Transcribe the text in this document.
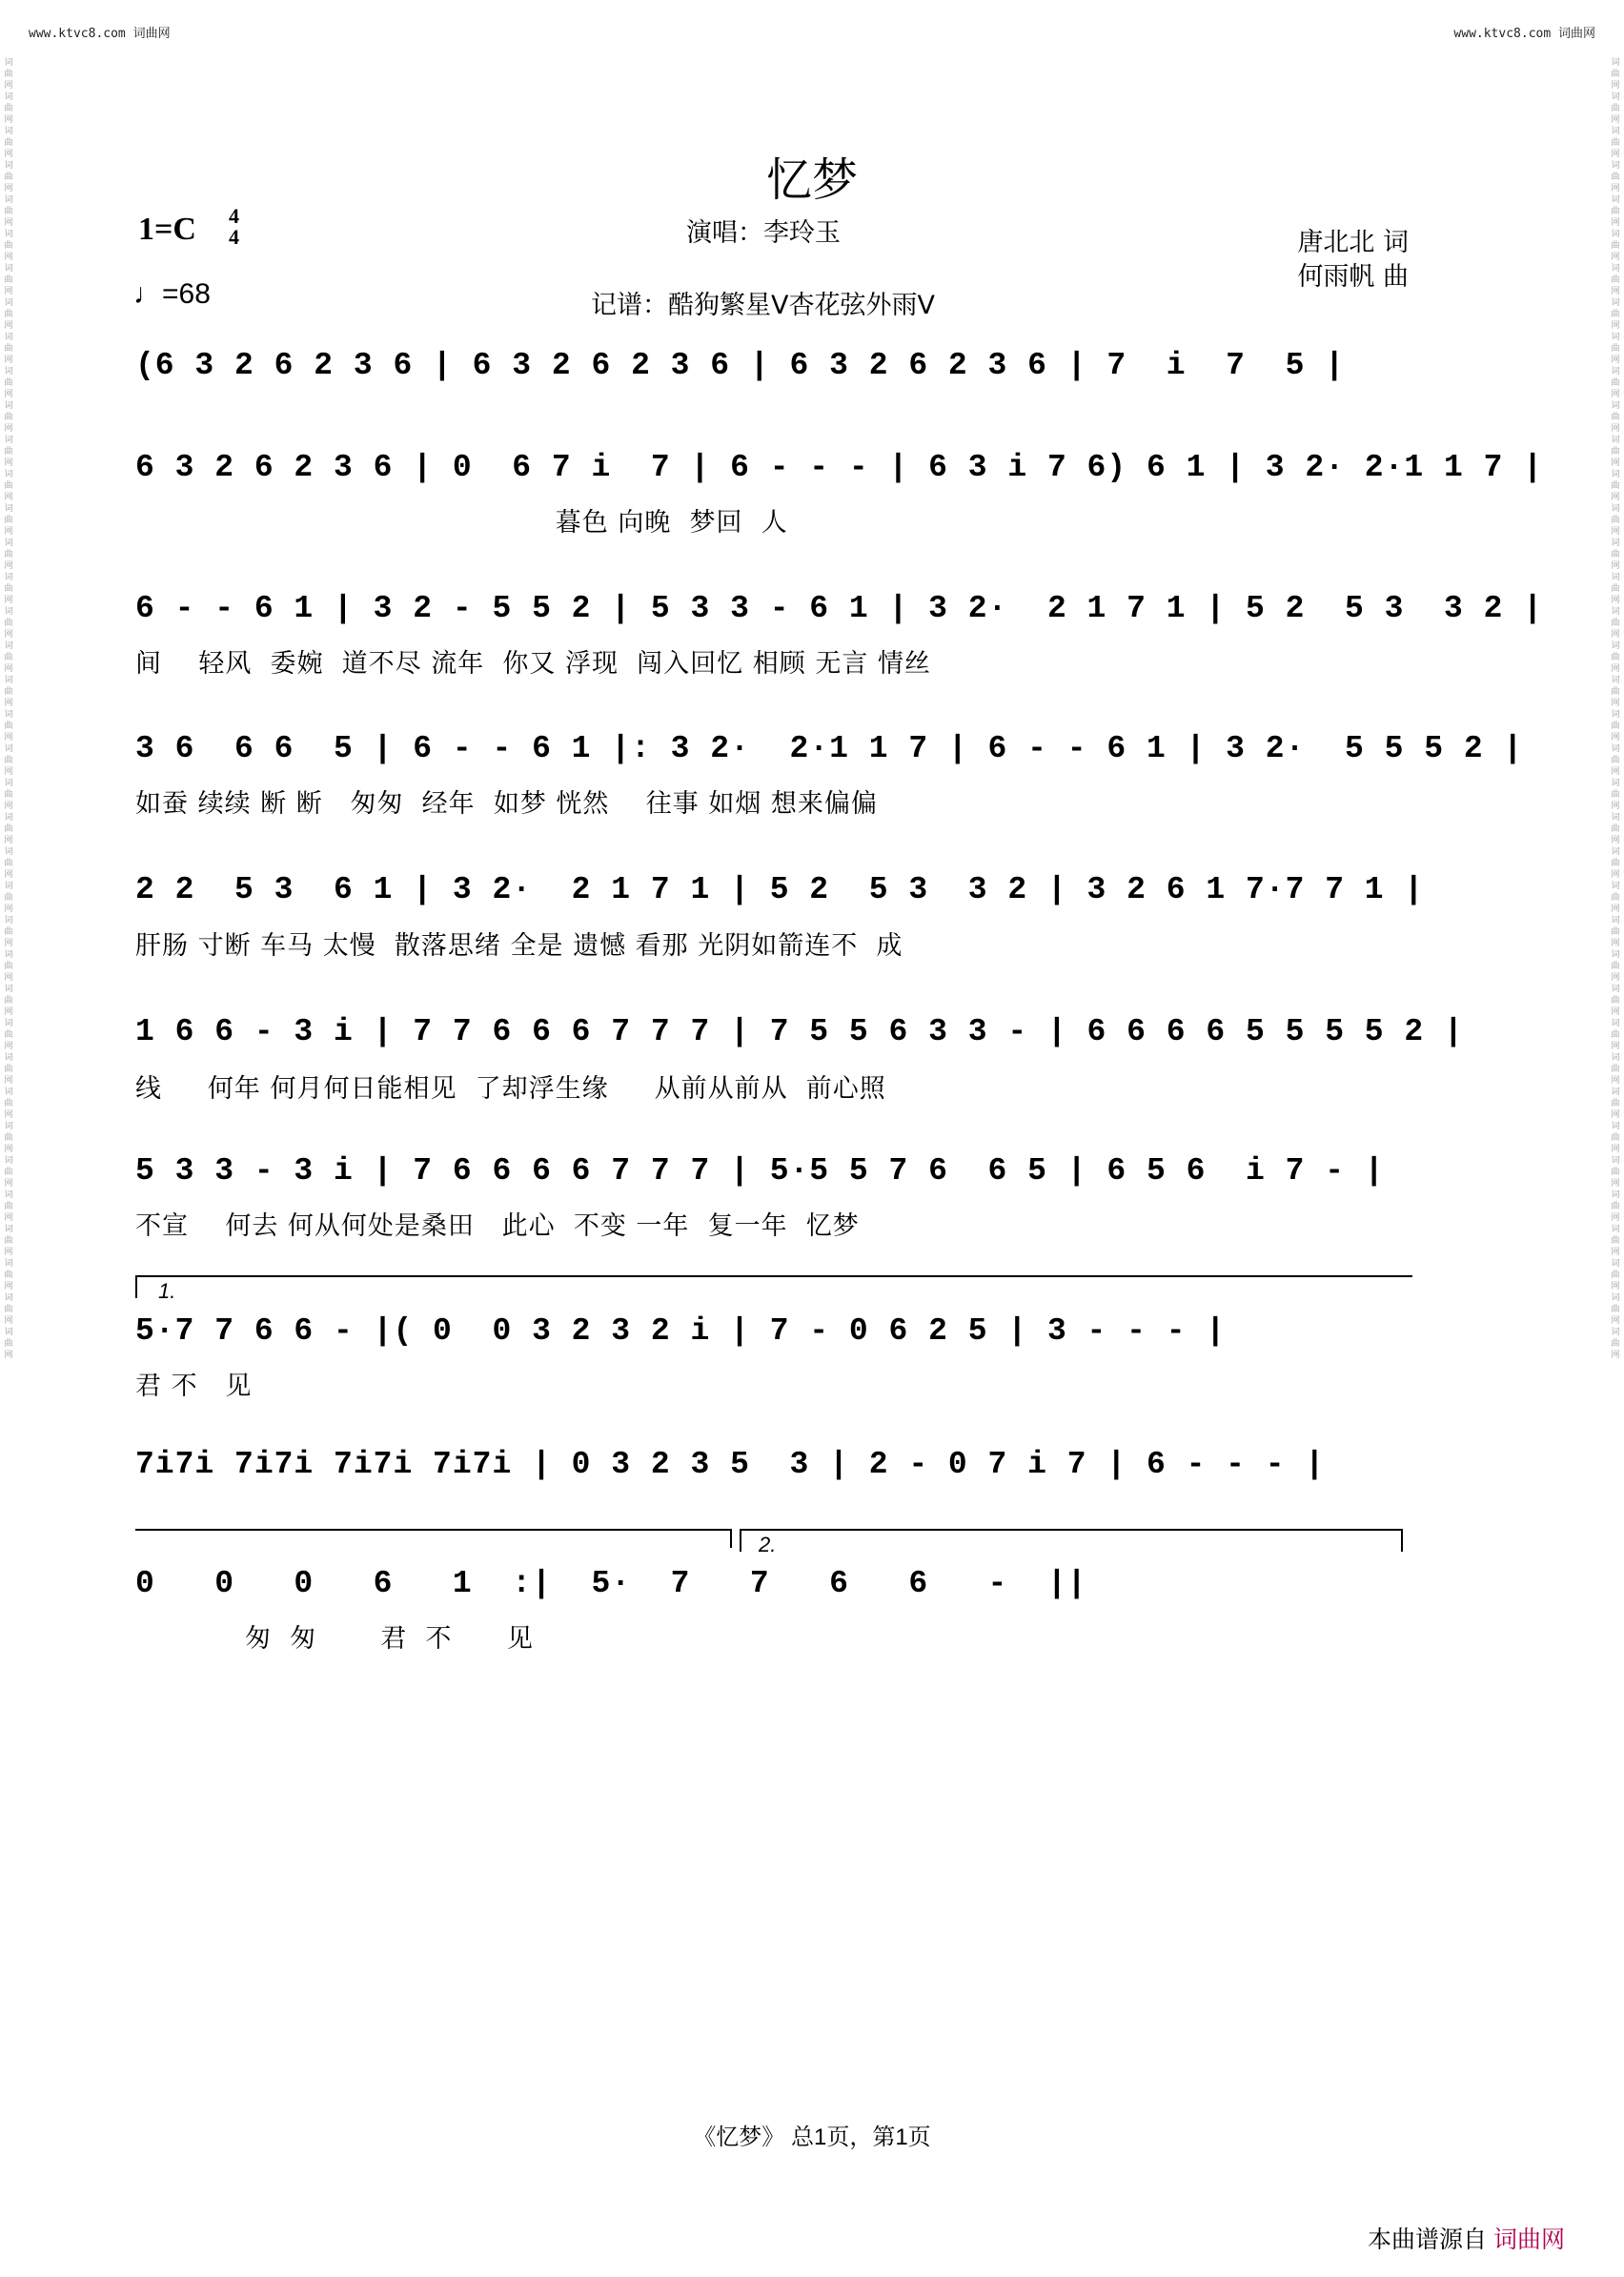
www.ktvc8.com 词曲网	www.ktvc8.com 词曲网
词曲网词曲网词曲网词曲网词曲网词曲网词曲网词曲网词曲网词曲网词曲网词曲网词曲网词曲网词曲网词曲网词曲网词曲网词曲网词曲网词曲网词曲网词曲网词曲网词曲网词曲网词曲网词曲网词曲网词曲网词曲网词曲网词曲网词曲网词曲网词曲网词曲网词曲网
词曲网词曲网词曲网词曲网词曲网词曲网词曲网词曲网词曲网词曲网词曲网词曲网词曲网词曲网词曲网词曲网词曲网词曲网词曲网词曲网词曲网词曲网词曲网词曲网词曲网词曲网词曲网词曲网词曲网词曲网词曲网词曲网词曲网词曲网词曲网词曲网词曲网词曲网
忆梦
1=C 4
4
♩=68
演唱：李玲玉
记谱：酷狗繁星V杏花弦外雨V
唐北北 词
何雨帆 曲
(6 3 2 6 2 3 6 | 6 3 2 6 2 3 6 | 6 3 2 6 2 3 6 | 7  i  7  5 |
6 3 2 6 2 3 6 | 0  6 7 i  7 | 6 - - - | 6 3 i 7 6) 6 1 | 3 2· 2·1 1 7 |
暮色 向晚  梦回  人
6 - - 6 1 | 3 2 - 5 5 2 | 5 3 3 - 6 1 | 3 2·  2 1 7 1 | 5 2  5 3  3 2 |
间    轻风  委婉  道不尽 流年  你又 浮现  闯入回忆 相顾 无言 情丝
3 6  6 6  5 | 6 - - 6 1 |: 3 2·  2·1 1 7 | 6 - - 6 1 | 3 2·  5 5 5 2 |
如蚕 续续 断 断   匆匆  经年  如梦 恍然    往事 如烟 想来偏偏
2 2  5 3  6 1 | 3 2·  2 1 7 1 | 5 2  5 3  3 2 | 3 2 6 1 7·7 7 1 |
肝肠 寸断 车马 太慢  散落思绪 全是 遗憾 看那 光阴如箭连不  成
1 6 6 - 3 i | 7 7 6 6 6 7 7 7 | 7 5 5 6 3 3 - | 6 6 6 6 5 5 5 5 2 |
线     何年 何月何日能相见  了却浮生缘     从前从前从  前心照
5 3 3 - 3 i | 7 6 6 6 6 7 7 7 | 5·5 5 7 6  6 5 | 6 5 6  i 7 - |
不宣    何去 何从何处是桑田   此心  不变 一年  复一年  忆梦
1.
5·7 7 6 6 - |( 0  0 3 2 3 2 i | 7 - 0 6 2 5 | 3 - - - |
君 不   见
7i7i 7i7i 7i7i 7i7i | 0 3 2 3 5  3 | 2 - 0 7 i 7 | 6 - - - |
2.
0   0   0   6   1  :|  5·  7   7   6   6   -  ||
匆  匆       君  不      见
《忆梦》 总1页，第1页
本曲谱源自 词曲网
